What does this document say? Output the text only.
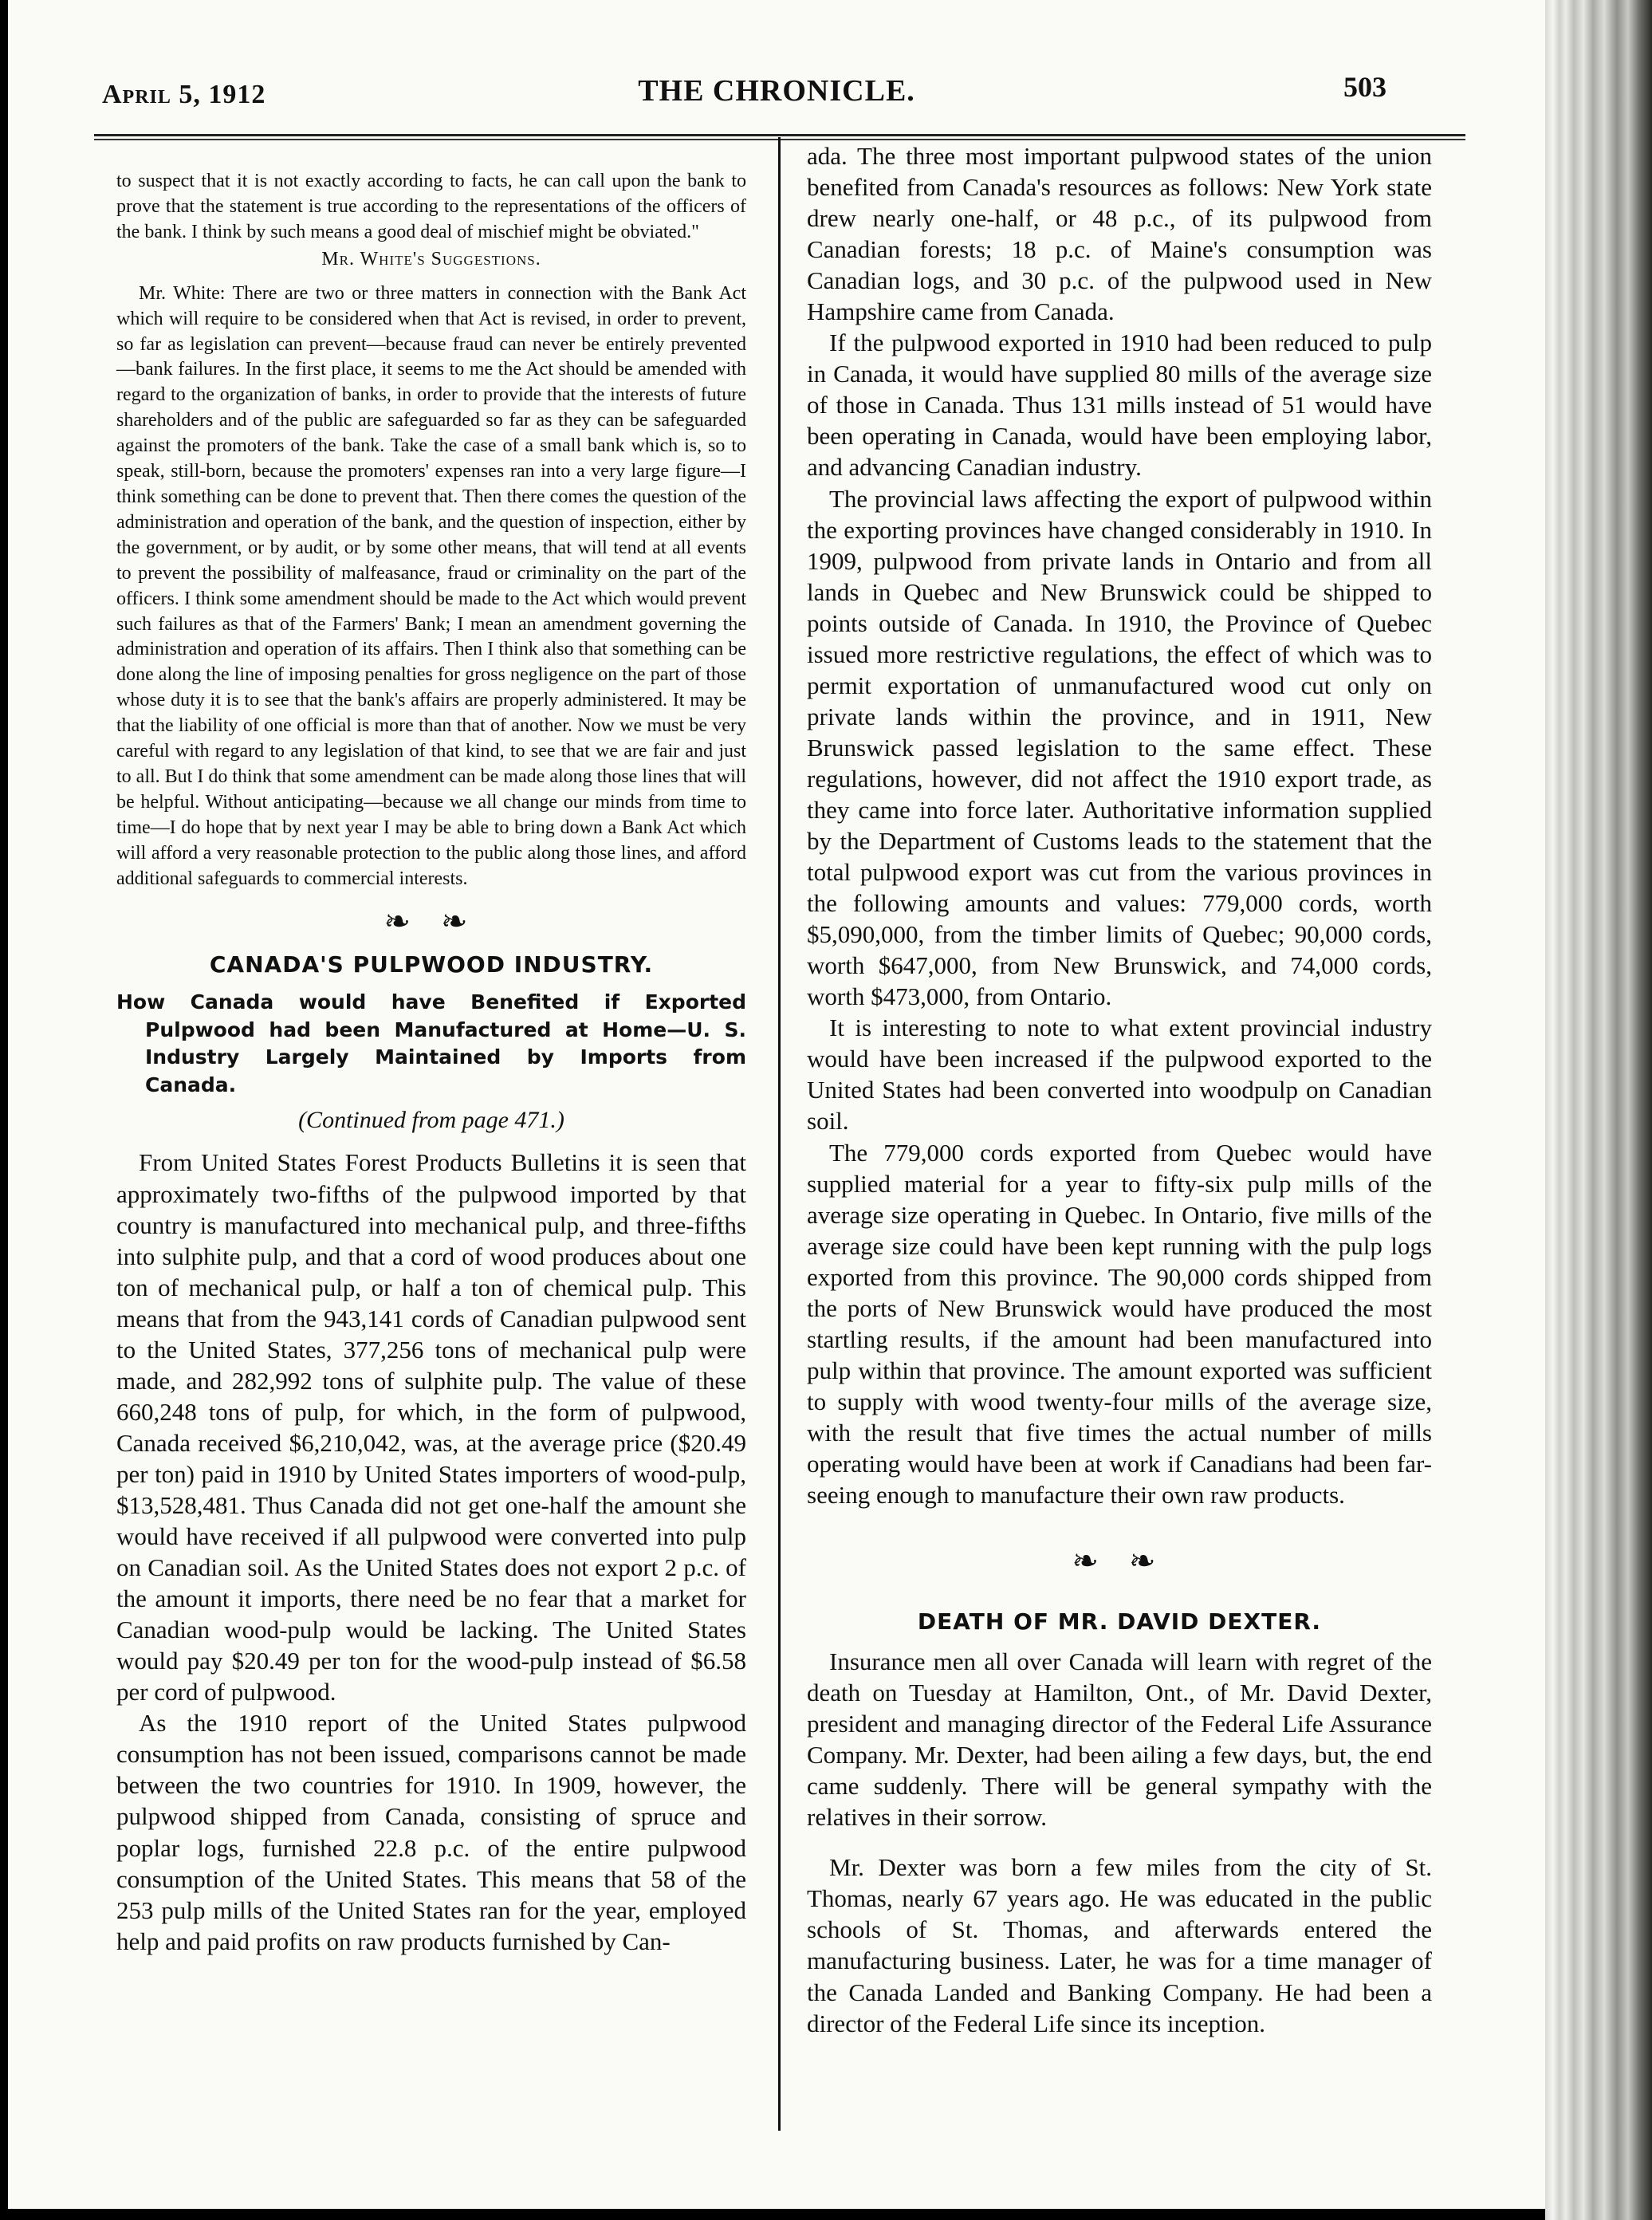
April 5, 1912	THE CHRONICLE.	503

to suspect that it is not exactly according to facts, he can call upon the bank to prove that the statement is true according to the representations of the officers of the bank. I think by such means a good deal of mischief might be obviated."

Mr. White's Suggestions.

Mr. White: There are two or three matters in connection with the Bank Act which will require to be considered when that Act is revised, in order to prevent, so far as legislation can prevent—because fraud can never be entirely prevented—bank failures. In the first place, it seems to me the Act should be amended with regard to the organization of banks, in order to provide that the interests of future shareholders and of the public are safeguarded so far as they can be safeguarded against the promoters of the bank. Take the case of a small bank which is, so to speak, still-born, because the promoters' expenses ran into a very large figure—I think something can be done to prevent that. Then there comes the question of the administration and operation of the bank, and the question of inspection, either by the government, or by audit, or by some other means, that will tend at all events to prevent the possibility of malfeasance, fraud or criminality on the part of the officers. I think some amendment should be made to the Act which would prevent such failures as that of the Farmers' Bank; I mean an amendment governing the administration and operation of its affairs. Then I think also that something can be done along the line of imposing penalties for gross negligence on the part of those whose duty it is to see that the bank's affairs are properly administered. It may be that the liability of one official is more than that of another. Now we must be very careful with regard to any legislation of that kind, to see that we are fair and just to all. But I do think that some amendment can be made along those lines that will be helpful. Without anticipating—because we all change our minds from time to time—I do hope that by next year I may be able to bring down a Bank Act which will afford a very reasonable protection to the public along those lines, and afford additional safeguards to commercial interests.

❧ ❧
CANADA'S PULPWOOD INDUSTRY.

How Canada would have Benefited if Exported Pulpwood had been Manufactured at Home—U. S. Industry Largely Maintained by Imports from Canada.

(Continued from page 471.)

From United States Forest Products Bulletins it is seen that approximately two-fifths of the pulpwood imported by that country is manufactured into mechanical pulp, and three-fifths into sulphite pulp, and that a cord of wood produces about one ton of mechanical pulp, or half a ton of chemical pulp. This means that from the 943,141 cords of Canadian pulpwood sent to the United States, 377,256 tons of mechanical pulp were made, and 282,992 tons of sulphite pulp. The value of these 660,248 tons of pulp, for which, in the form of pulpwood, Canada received $6,210,042, was, at the average price ($20.49 per ton) paid in 1910 by United States importers of wood-pulp, $13,528,481. Thus Canada did not get one-half the amount she would have received if all pulpwood were converted into pulp on Canadian soil. As the United States does not export 2 p.c. of the amount it imports, there need be no fear that a market for Canadian wood-pulp would be lacking. The United States would pay $20.49 per ton for the wood-pulp instead of $6.58 per cord of pulpwood.

As the 1910 report of the United States pulpwood consumption has not been issued, comparisons cannot be made between the two countries for 1910. In 1909, however, the pulpwood shipped from Canada, consisting of spruce and poplar logs, furnished 22.8 p.c. of the entire pulpwood consumption of the United States. This means that 58 of the 253 pulp mills of the United States ran for the year, employed help and paid profits on raw products furnished by Can-

ada. The three most important pulpwood states of the union benefited from Canada's resources as follows: New York state drew nearly one-half, or 48 p.c., of its pulpwood from Canadian forests; 18 p.c. of Maine's consumption was Canadian logs, and 30 p.c. of the pulpwood used in New Hampshire came from Canada.

If the pulpwood exported in 1910 had been reduced to pulp in Canada, it would have supplied 80 mills of the average size of those in Canada. Thus 131 mills instead of 51 would have been operating in Canada, would have been employing labor, and advancing Canadian industry.

The provincial laws affecting the export of pulpwood within the exporting provinces have changed considerably in 1910. In 1909, pulpwood from private lands in Ontario and from all lands in Quebec and New Brunswick could be shipped to points outside of Canada. In 1910, the Province of Quebec issued more restrictive regulations, the effect of which was to permit exportation of unmanufactured wood cut only on private lands within the province, and in 1911, New Brunswick passed legislation to the same effect. These regulations, however, did not affect the 1910 export trade, as they came into force later. Authoritative information supplied by the Department of Customs leads to the statement that the total pulpwood export was cut from the various provinces in the following amounts and values: 779,000 cords, worth $5,090,000, from the timber limits of Quebec; 90,000 cords, worth $647,000, from New Brunswick, and 74,000 cords, worth $473,000, from Ontario.

It is interesting to note to what extent provincial industry would have been increased if the pulpwood exported to the United States had been converted into woodpulp on Canadian soil.

The 779,000 cords exported from Quebec would have supplied material for a year to fifty-six pulp mills of the average size operating in Quebec. In Ontario, five mills of the average size could have been kept running with the pulp logs exported from this province. The 90,000 cords shipped from the ports of New Brunswick would have produced the most startling results, if the amount had been manufactured into pulp within that province. The amount exported was sufficient to supply with wood twenty-four mills of the average size, with the result that five times the actual number of mills operating would have been at work if Canadians had been far-seeing enough to manufacture their own raw products.

❧ ❧
DEATH OF MR. DAVID DEXTER.

Insurance men all over Canada will learn with regret of the death on Tuesday at Hamilton, Ont., of Mr. David Dexter, president and managing director of the Federal Life Assurance Company. Mr. Dexter, had been ailing a few days, but, the end came suddenly. There will be general sympathy with the relatives in their sorrow.

Mr. Dexter was born a few miles from the city of St. Thomas, nearly 67 years ago. He was educated in the public schools of St. Thomas, and afterwards entered the manufacturing business. Later, he was for a time manager of the Canada Landed and Banking Company. He had been a director of the Federal Life since its inception.
